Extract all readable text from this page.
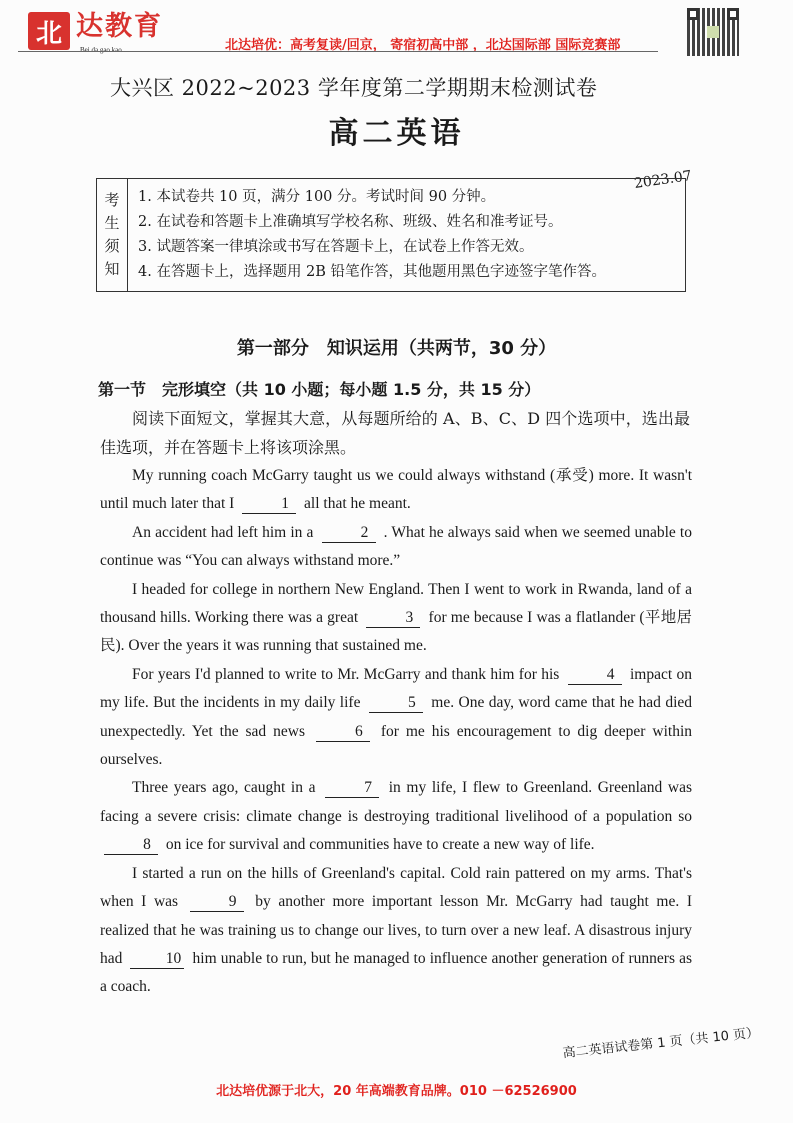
北 达教育
Bei da gao kao	北达培优：高考复读/回京， 寄宿初高中部 ，北达国际部 国际竞赛部
大兴区 2022~2023 学年度第二学期期末检测试卷
高二英语
2023.07
考
生
须
知
1. 本试卷共 10 页，满分 100 分。考试时间 90 分钟。
2. 在试卷和答题卡上准确填写学校名称、班级、姓名和准考证号。
3. 试题答案一律填涂或书写在答题卡上，在试卷上作答无效。
4. 在答题卡上，选择题用 2B 铅笔作答，其他题用黑色字迹签字笔作答。
第一部分　知识运用（共两节，30 分）
第一节　完形填空（共 10 小题；每小题 1.5 分，共 15 分）
阅读下面短文，掌握其大意，从每题所给的 A、B、C、D 四个选项中，选出最佳选项，并在答题卡上将该项涂黑。

My running coach McGarry taught us we could always withstand (承受) more. It wasn't until much later that I	1 all that he meant.

An accident had left him in a	2 . What he always said when we seemed unable to continue was “You can always withstand more.”

I headed for college in northern New England. Then I went to work in Rwanda, land of a thousand hills. Working there was a great	3 for me because I was a flatlander (平地居民). Over the years it was running that sustained me.

For years I'd planned to write to Mr. McGarry and thank him for his	4 impact on my life. But the incidents in my daily life	5 me. One day, word came that he had died unexpectedly. Yet the sad news	6 for me his encouragement to dig deeper within ourselves.

Three years ago, caught in a	7 in my life, I flew to Greenland. Greenland was facing a severe crisis: climate change is destroying traditional livelihood of a population so 8 on ice for survival and communities have to create a new way of life.

I started a run on the hills of Greenland's capital. Cold rain pattered on my arms. That's when I was	9 by another more important lesson Mr. McGarry had taught me. I realized that he was training us to change our lives, to turn over a new leaf. A disastrous injury had	10 him unable to run, but he managed to influence another generation of runners as a coach.

高二英语试卷第 1 页（共 10 页）
北达培优源于北大，20 年高端教育品牌。010 －62526900
